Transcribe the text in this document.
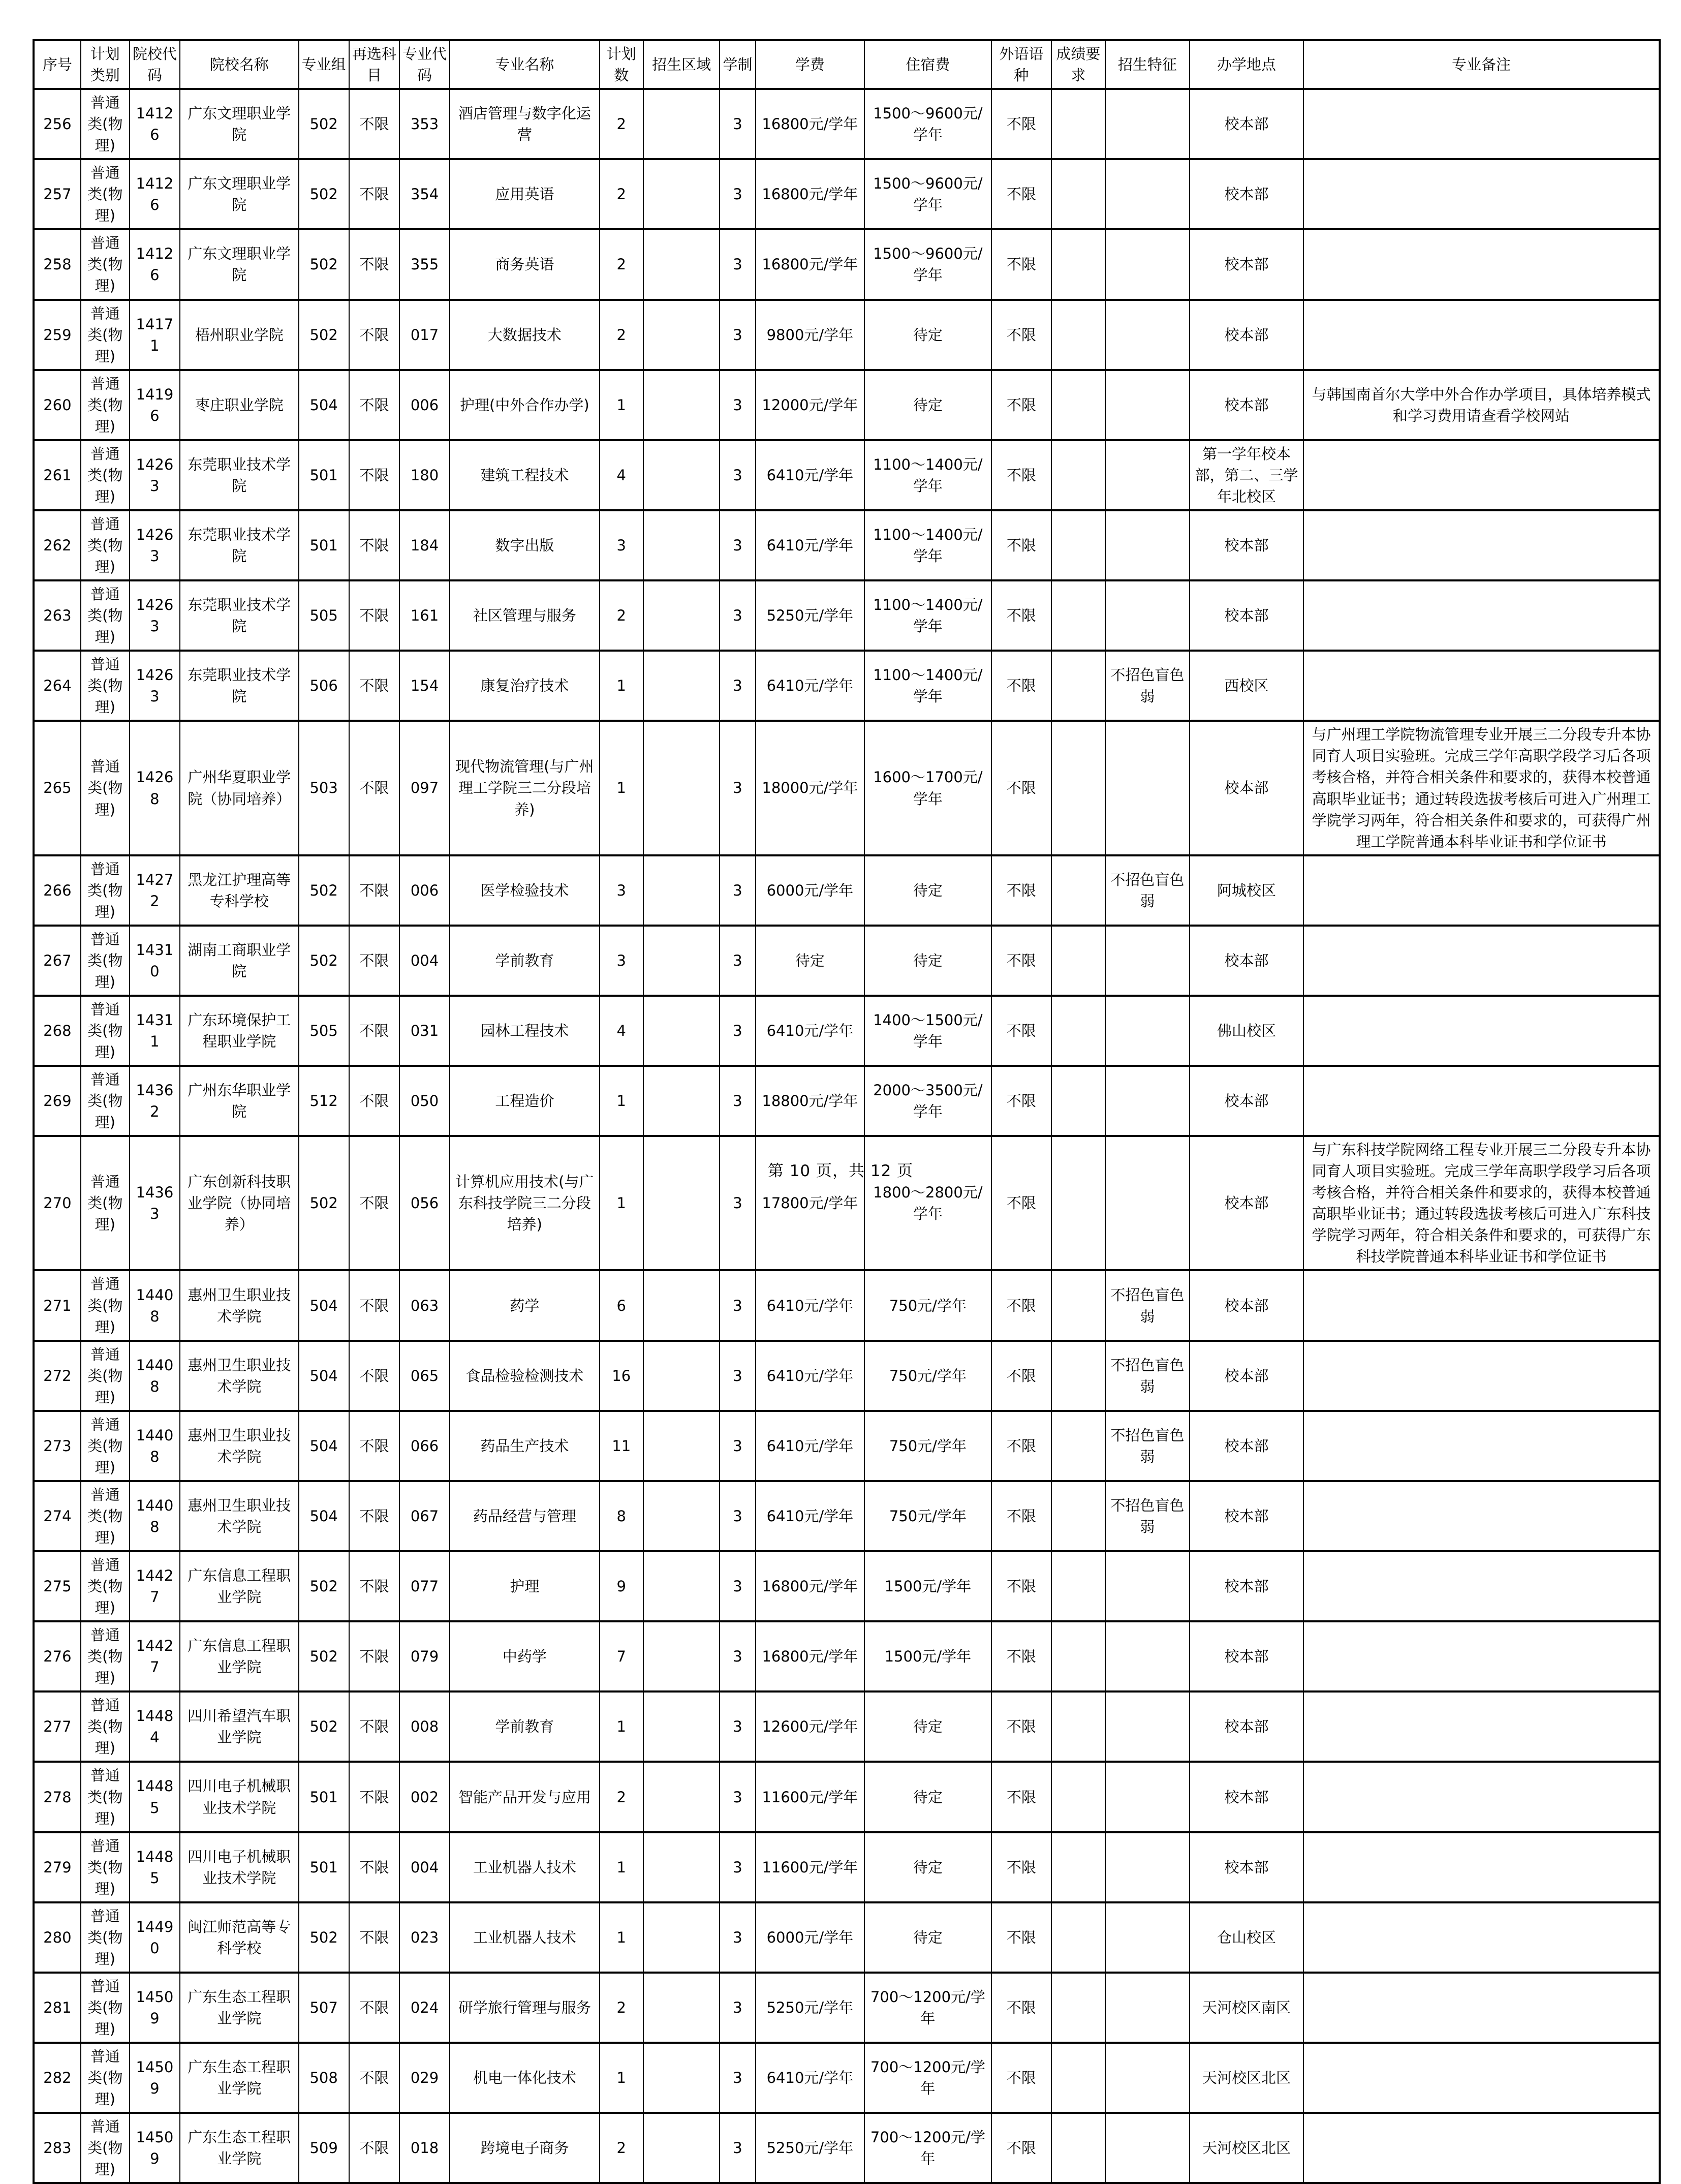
序号	计划类别	院校代码	院校名称	专业组	再选科目	专业代码	专业名称	计划数	招生区域	学制	学费	住宿费	外语语种	成绩要求	招生特征	办学地点	专业备注
256	普通类(物理)	14126	广东文理职业学院	502	不限	353	酒店管理与数字化运营	2		3	16800元/学年	1500～9600元/学年	不限			校本部	
257	普通类(物理)	14126	广东文理职业学院	502	不限	354	应用英语	2		3	16800元/学年	1500～9600元/学年	不限			校本部	
258	普通类(物理)	14126	广东文理职业学院	502	不限	355	商务英语	2		3	16800元/学年	1500～9600元/学年	不限			校本部	
259	普通类(物理)	14171	梧州职业学院	502	不限	017	大数据技术	2		3	9800元/学年	待定	不限			校本部	
260	普通类(物理)	14196	枣庄职业学院	504	不限	006	护理(中外合作办学)	1		3	12000元/学年	待定	不限			校本部	与韩国南首尔大学中外合作办学项目，具体培养模式和学习费用请查看学校网站
261	普通类(物理)	14263	东莞职业技术学院	501	不限	180	建筑工程技术	4		3	6410元/学年	1100～1400元/学年	不限			第一学年校本部，第二、三学年北校区	
262	普通类(物理)	14263	东莞职业技术学院	501	不限	184	数字出版	3		3	6410元/学年	1100～1400元/学年	不限			校本部	
263	普通类(物理)	14263	东莞职业技术学院	505	不限	161	社区管理与服务	2		3	5250元/学年	1100～1400元/学年	不限			校本部	
264	普通类(物理)	14263	东莞职业技术学院	506	不限	154	康复治疗技术	1		3	6410元/学年	1100～1400元/学年	不限		不招色盲色弱	西校区	
265	普通类(物理)	14268	广州华夏职业学院（协同培养）	503	不限	097	现代物流管理(与广州理工学院三二分段培养)	1		3	18000元/学年	1600～1700元/学年	不限			校本部	与广州理工学院物流管理专业开展三二分段专升本协同育人项目实验班。完成三学年高职学段学习后各项考核合格，并符合相关条件和要求的，获得本校普通高职毕业证书；通过转段选拔考核后可进入广州理工学院学习两年，符合相关条件和要求的，可获得广州理工学院普通本科毕业证书和学位证书
266	普通类(物理)	14272	黑龙江护理高等专科学校	502	不限	006	医学检验技术	3		3	6000元/学年	待定	不限		不招色盲色弱	阿城校区	
267	普通类(物理)	14310	湖南工商职业学院	502	不限	004	学前教育	3		3	待定	待定	不限			校本部	
268	普通类(物理)	14311	广东环境保护工程职业学院	505	不限	031	园林工程技术	4		3	6410元/学年	1400～1500元/学年	不限			佛山校区	
269	普通类(物理)	14362	广州东华职业学院	512	不限	050	工程造价	1		3	18800元/学年	2000～3500元/学年	不限			校本部	
270	普通类(物理)	14363	广东创新科技职业学院（协同培养）	502	不限	056	计算机应用技术(与广东科技学院三二分段培养)	1		3	17800元/学年	1800～2800元/学年	不限			校本部	与广东科技学院网络工程专业开展三二分段专升本协同育人项目实验班。完成三学年高职学段学习后各项考核合格，并符合相关条件和要求的，获得本校普通高职毕业证书；通过转段选拔考核后可进入广东科技学院学习两年，符合相关条件和要求的，可获得广东科技学院普通本科毕业证书和学位证书
271	普通类(物理)	14408	惠州卫生职业技术学院	504	不限	063	药学	6		3	6410元/学年	750元/学年	不限		不招色盲色弱	校本部	
272	普通类(物理)	14408	惠州卫生职业技术学院	504	不限	065	食品检验检测技术	16		3	6410元/学年	750元/学年	不限		不招色盲色弱	校本部	
273	普通类(物理)	14408	惠州卫生职业技术学院	504	不限	066	药品生产技术	11		3	6410元/学年	750元/学年	不限		不招色盲色弱	校本部	
274	普通类(物理)	14408	惠州卫生职业技术学院	504	不限	067	药品经营与管理	8		3	6410元/学年	750元/学年	不限		不招色盲色弱	校本部	
275	普通类(物理)	14427	广东信息工程职业学院	502	不限	077	护理	9		3	16800元/学年	1500元/学年	不限			校本部	
276	普通类(物理)	14427	广东信息工程职业学院	502	不限	079	中药学	7		3	16800元/学年	1500元/学年	不限			校本部	
277	普通类(物理)	14484	四川希望汽车职业学院	502	不限	008	学前教育	1		3	12600元/学年	待定	不限			校本部	
278	普通类(物理)	14485	四川电子机械职业技术学院	501	不限	002	智能产品开发与应用	2		3	11600元/学年	待定	不限			校本部	
279	普通类(物理)	14485	四川电子机械职业技术学院	501	不限	004	工业机器人技术	1		3	11600元/学年	待定	不限			校本部	
280	普通类(物理)	14490	闽江师范高等专科学校	502	不限	023	工业机器人技术	1		3	6000元/学年	待定	不限			仓山校区	
281	普通类(物理)	14509	广东生态工程职业学院	507	不限	024	研学旅行管理与服务	2		3	5250元/学年	700～1200元/学年	不限			天河校区南区	
282	普通类(物理)	14509	广东生态工程职业学院	508	不限	029	机电一体化技术	1		3	6410元/学年	700～1200元/学年	不限			天河校区北区	
283	普通类(物理)	14509	广东生态工程职业学院	509	不限	018	跨境电子商务	2		3	5250元/学年	700～1200元/学年	不限			天河校区北区	
第 10 页，共 12 页
